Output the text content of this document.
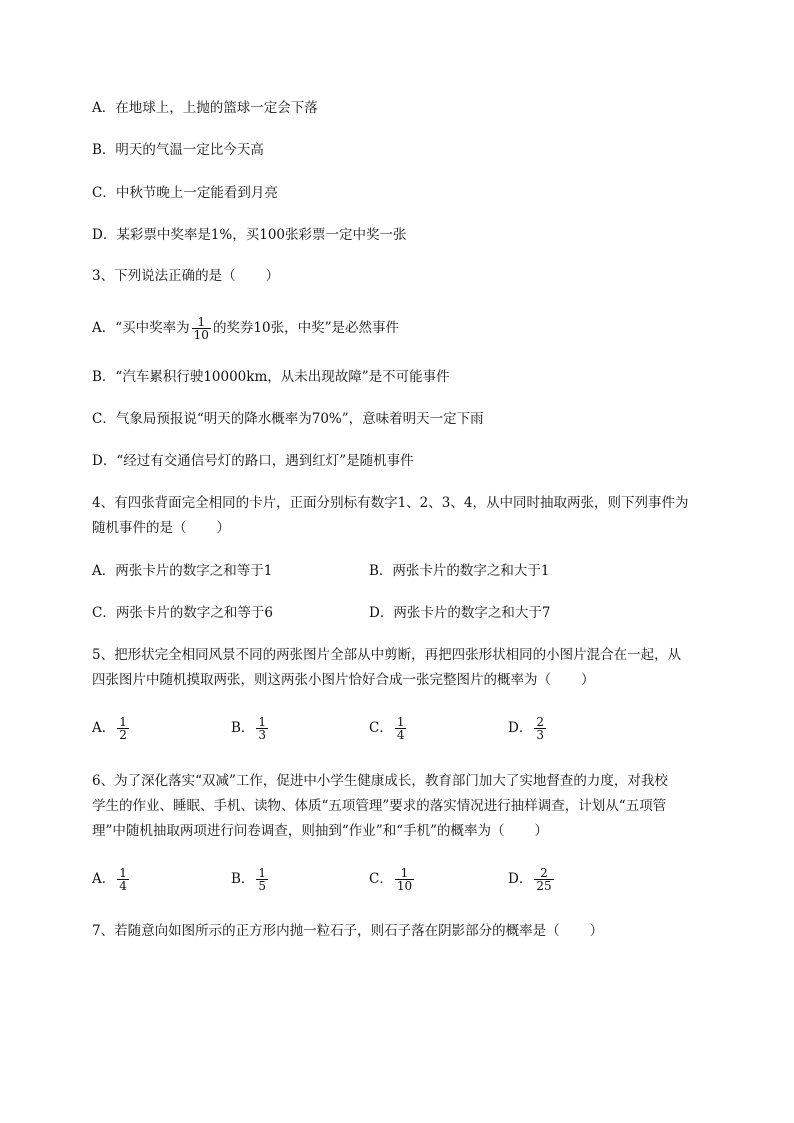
A．在地球上，上抛的篮球一定会下落
B．明天的气温一定比今天高
C．中秋节晚上一定能看到月亮
D．某彩票中奖率是1%，买100张彩票一定中奖一张
3、下列说法正确的是（ ）
A．“买中奖率为 $\frac{1}{10}$ 的奖券10张，中奖”是必然事件
B．“汽车累积行驶10000km，从未出现故障”是不可能事件
C．气象局预报说“明天的降水概率为70%”，意味着明天一定下雨
D．“经过有交通信号灯的路口，遇到红灯”是随机事件
4、有四张背面完全相同的卡片，正面分别标有数字1、2、3、4，从中同时抽取两张，则下列事件为
随机事件的是（ ）
A．两张卡片的数字之和等于1	B．两张卡片的数字之和大于1
C．两张卡片的数字之和等于6	D．两张卡片的数字之和大于7
5、把形状完全相同风景不同的两张图片全部从中剪断，再把四张形状相同的小图片混合在一起，从
四张图片中随机摸取两张，则这两张小图片恰好合成一张完整图片的概率为（ ）
A． $\frac{1}{2}$	B． $\frac{1}{3}$	C． $\frac{1}{4}$	D． $\frac{2}{3}$
6、为了深化落实“双减”工作，促进中小学生健康成长，教育部门加大了实地督查的力度，对我校
学生的作业、睡眠、手机、读物、体质“五项管理”要求的落实情况进行抽样调查，计划从“五项管
理”中随机抽取两项进行问卷调查，则抽到“作业”和“手机”的概率为（ ）
A． $\frac{1}{4}$	B． $\frac{1}{5}$	C． $\frac{1}{10}$	D． $\frac{2}{25}$
7、若随意向如图所示的正方形内抛一粒石子，则石子落在阴影部分的概率是（ ）
